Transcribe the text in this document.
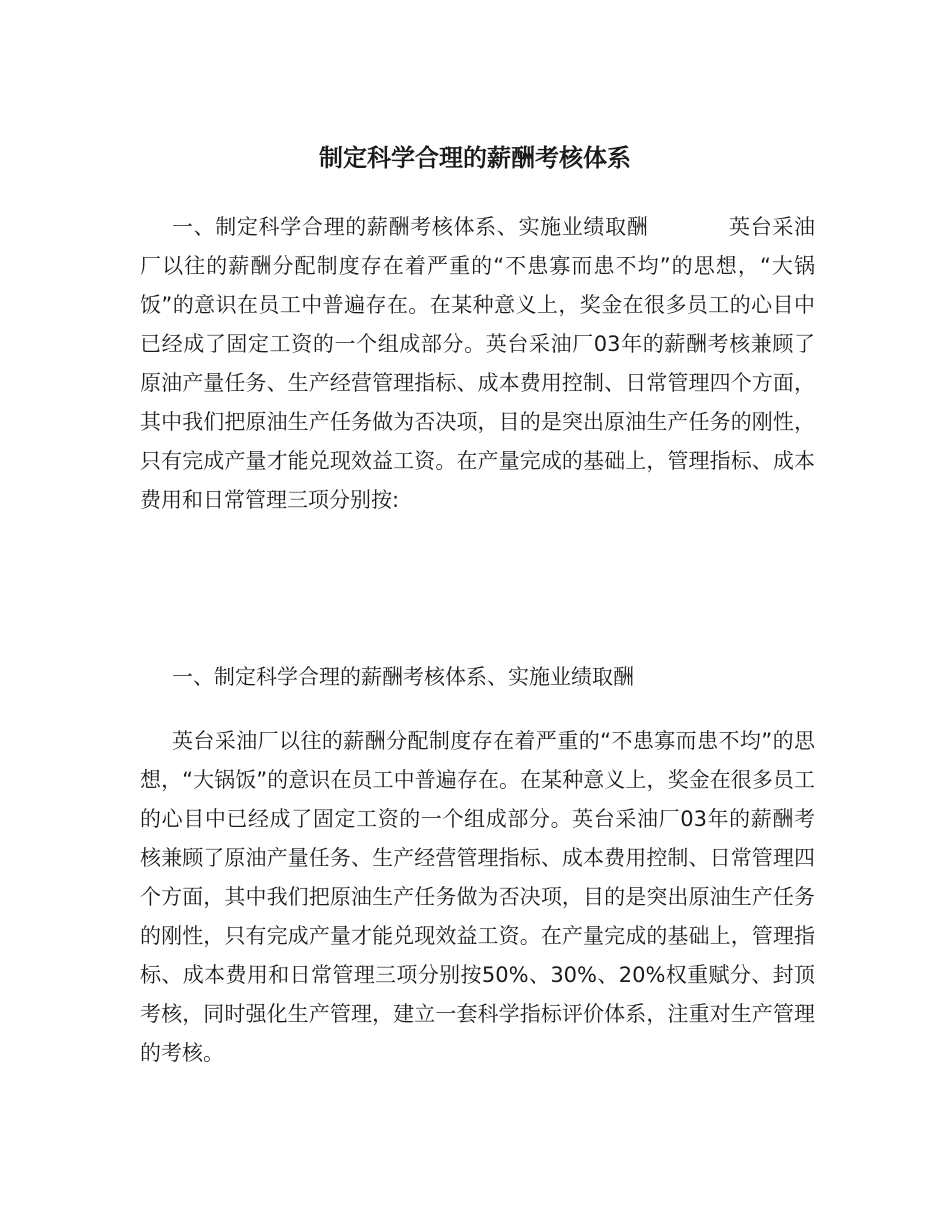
制定科学合理的薪酬考核体系

一、制定科学合理的薪酬考核体系、实施业绩取酬	英台采油厂以往的薪酬分配制度存在着严重的“不患寡而患不均”的思想，“大锅饭”的意识在员工中普遍存在。在某种意义上，奖金在很多员工的心目中已经成了固定工资的一个组成部分。英台采油厂03年的薪酬考核兼顾了原油产量任务、生产经营管理指标、成本费用控制、日常管理四个方面，其中我们把原油生产任务做为否决项，目的是突出原油生产任务的刚性，只有完成产量才能兑现效益工资。在产量完成的基础上，管理指标、成本费用和日常管理三项分别按:

一、制定科学合理的薪酬考核体系、实施业绩取酬

英台采油厂以往的薪酬分配制度存在着严重的“不患寡而患不均”的思想，“大锅饭”的意识在员工中普遍存在。在某种意义上，奖金在很多员工的心目中已经成了固定工资的一个组成部分。英台采油厂03年的薪酬考核兼顾了原油产量任务、生产经营管理指标、成本费用控制、日常管理四个方面，其中我们把原油生产任务做为否决项，目的是突出原油生产任务的刚性，只有完成产量才能兑现效益工资。在产量完成的基础上，管理指标、成本费用和日常管理三项分别按50%、30%、20%权重赋分、封顶考核，同时强化生产管理，建立一套科学指标评价体系，注重对生产管理的考核。
